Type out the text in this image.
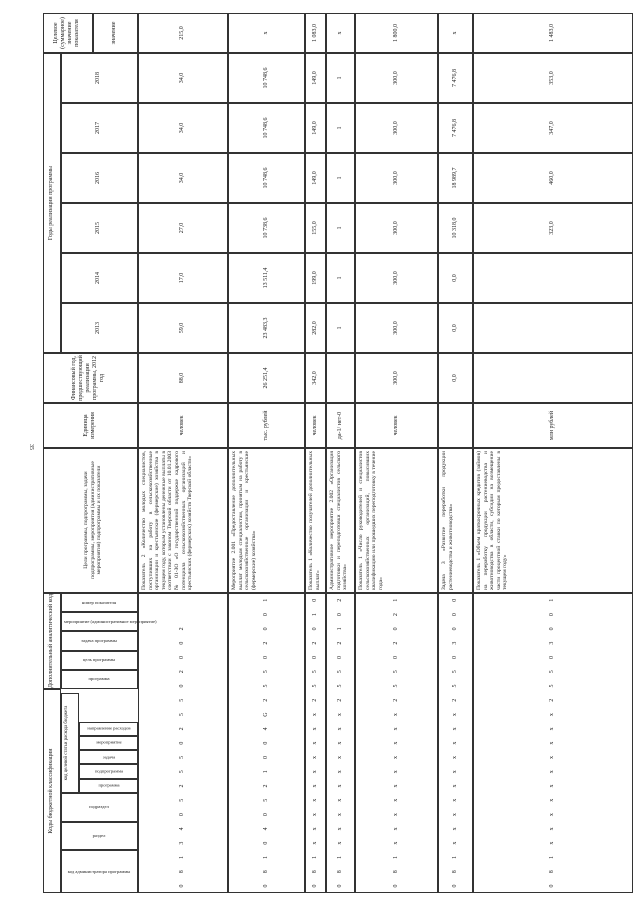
35
Коды бюджетной классификации
Дополнительный аналитический код
Цели программы, подпрограммы, задачи подпрограммы, мероприятия (административные мероприятия) подпрограммы и их показатели
Единица измерения
Финансовый год, предшествующий реализации программы, 2012 год
Годы реализации программы
Целевое (суммарное) значение показателя	значение
код администратора программы
раздел
подраздел
код целевой статьи расхода бюджета
программа
подпрограмма
задача
мероприятие
направление расходов
программа
цель программы
задача программы
мероприятие (административное мероприятие)
номер показателя
2013
2014
2015
2016
2017
2018
0
8
1
3
4
0
5
2
5
5
0
2
5
5
0
2
0
0
2
Показатель 2 «Количество молодых специалистов, поступивших на работу в сельскохозяйственные организации и крестьянские (фермерские) хозяйства в текущем году, которым установлены денежные выплаты в соответствии с законом Тверской области от 10.01.2003 № 01-ЗО «О государственной поддержке кадрового потенциала сельскохозяйственных организаций и крестьянских (фермерских) хозяйств Тверской области»
человек
88,0
59,0
17,0
27,0
34,0
34,0
34,0
215,0
0
8
1
0
4
0
5
2
1
0
0
4
G
2
5
5
0
2
0
0
1
Мероприятие 2.001 «Предоставление дополнительных выплат молодым специалистам, принятым на работу в сельскохозяйственные организации и крестьянские (фермерские) хозяйства»
тыс. рублей
26 251,4
23 483,3
13 511,4
10 738,6
10 748,6
10 748,6
10 748,6
х
0
8
1
x
x
x
x
x
x
x
x
x
x
2
5
5
0
2
0
1
0
Показатель 1 «Количество получателей дополнительных выплат»
человек
342,0
282,0
199,0
155,0
149,0
149,0
149,0
1 083,0
0
8
1
x
x
x
x
x
x
x
x
x
x
2
5
5
0
2
1
0
2
Административное мероприятие 2.002 «Организация подготовки и переподготовки специалистов сельского хозяйства»
да-1/ нет-0
1
1
1
1
1
1
х
0
8
1
x
x
x
x
x
x
x
x
x
x
2
5
5
0
2
0
2
1
Показатель 1 «Число руководителей и специалистов сельскохозяйственных организаций, повысивших квалификацию или прошедших переподготовку в течение года»
человек
300,0
300,0
300,0
300,0
300,0
300,0
300,0
1 800,0
0
8
1
x
x
x
x
x
x
x
x
x
x
2
5
5
0
3
0
0
0
Задача 3 «Развитие переработки продукции растениеводства и животноводства»
0,0
0,0
0,0
10 318,0
18 989,7
7 476,8
7 476,8
х
0
8
1
x
x
x
x
x
x
x
x
x
x
2
5
5
0
3
0
0
1
Показатель 1 «Объем краткосрочных кредитов (займов) на переработку продукции растениеводства и животноводства в области, субсидии на возмещение части процентной ставки по которым предоставлены в текущем году»
млн рублей
323,0
460,0
347,0
353,0
1 483,0
